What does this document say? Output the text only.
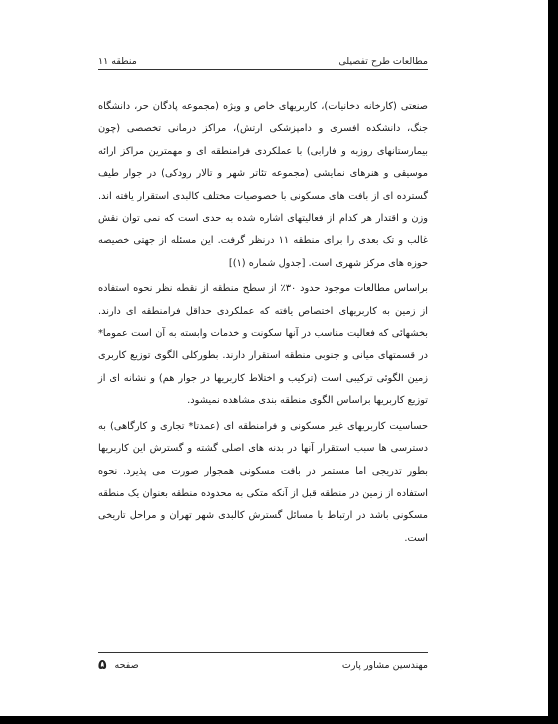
منطقه ۱۱	مطالعات طرح تفصیلی

صنعتی (کارخانه دخانیات)، کاربریهای خاص و ویژه (مجموعه پادگان حر، دانشگاه جنگ، دانشکده افسری و دامپزشکی ارتش)، مراکز درمانی تخصصی (چون بیمارستانهای روزبه و فارابی) با عملکردی فرامنطقه ای و مهمترین مراکز ارائه موسیقی و هنرهای نمایشی (مجموعه تئاتر شهر و تالار رودکی) در جوار طیف گسترده ای از بافت های مسکونی با خصوصیات مختلف کالبدی استقرار یافته اند. وزن و اقتدار هر کدام از فعالیتهای اشاره شده به حدی است که نمی توان نقش غالب و تک بعدی را برای منطقه ۱۱ درنظر گرفت. این مسئله از جهتی خصیصه حوزه های مرکز شهری است. [جدول شماره (۱)]

براساس مطالعات موجود حدود ۳۰٪ از سطح منطقه از نقطه نظر نحوه استفاده از زمین به کاربریهای اختصاص یافته که عملکردی حداقل فرامنطقه ای دارند. بخشهائی که فعالیت مناسب در آنها سکونت و خدمات وابسته به آن است عموما* در قسمتهای میانی و جنوبی منطقه استقرار دارند. بطورکلی الگوی توزیع کاربری زمین الگوئی ترکیبی است (ترکیب و اختلاط کاربریها در جوار هم) و نشانه ای از توزیع کاربریها براساس الگوی منطقه بندی مشاهده نمیشود.

حساسیت کاربریهای غیر مسکونی و فرامنطقه ای (عمدتا* تجاری و کارگاهی) به دسترسی ها سبب استقرار آنها در بدنه های اصلی گشته و گسترش این کاربریها بطور تدریجی اما مستمر در بافت مسکونی همجوار صورت می پذیرد. نحوه استفاده از زمین در منطقه قبل از آنکه متکی به محدوده منطقه بعنوان یک منطقه مسکونی باشد در ارتباط با مسائل گسترش کالبدی شهر تهران و مراحل تاریخی است.

۵ صفحه	مهندسین مشاور پارت
